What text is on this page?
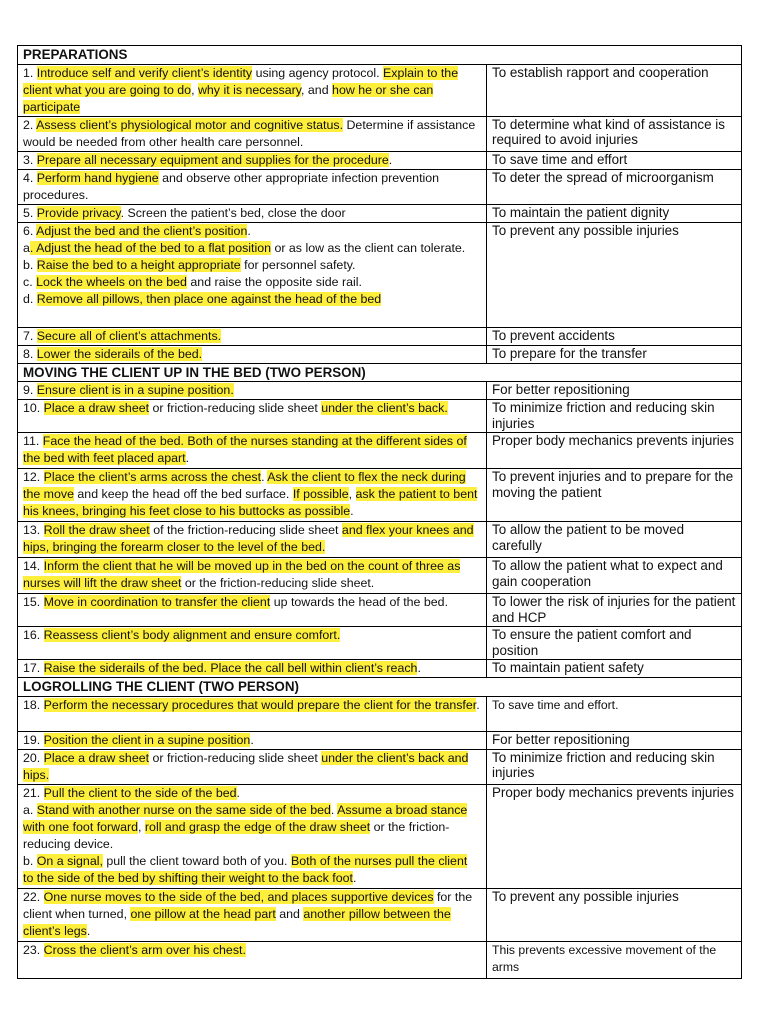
PREPARATIONS	
1. Introduce self and verify client’s identity using agency protocol. Explain to the client what you are going to do, why it is necessary, and how he or she can participate	To establish rapport and cooperation
2. Assess client’s physiological motor and cognitive status. Determine if assistance would be needed from other health care personnel.	To determine what kind of assistance is required to avoid injuries
3. Prepare all necessary equipment and supplies for the procedure.	To save time and effort
4. Perform hand hygiene and observe other appropriate infection prevention procedures.	To deter the spread of microorganism
5. Provide privacy. Screen the patient’s bed, close the door	To maintain the patient dignity

6. Adjust the bed and the client’s position.
a. Adjust the head of the bed to a flat position or as low as the client can tolerate.
b. Raise the bed to a height appropriate for personnel safety.
c. Lock the wheels on the bed and raise the opposite side rail.
d. Remove all pillows, then place one against the head of the bed	To prevent any possible injuries
7. Secure all of client’s attachments.	To prevent accidents
8. Lower the siderails of the bed.	To prepare for the transfer
MOVING THE CLIENT UP IN THE BED (TWO PERSON)	
9. Ensure client is in a supine position.	For better repositioning
10. Place a draw sheet or friction-reducing slide sheet under the client’s back.	To minimize friction and reducing skin injuries
11. Face the head of the bed. Both of the nurses standing at the different sides of the bed with feet placed apart.	Proper body mechanics prevents injuries
12. Place the client’s arms across the chest. Ask the client to flex the neck during the move and keep the head off the bed surface. If possible, ask the patient to bent his knees, bringing his feet close to his buttocks as possible.	To prevent injuries and to prepare for the moving the patient
13. Roll the draw sheet of the friction-reducing slide sheet and flex your knees and hips, bringing the forearm closer to the level of the bed.	To allow the patient to be moved carefully
14. Inform the client that he will be moved up in the bed on the count of three as nurses will lift the draw sheet or the friction-reducing slide sheet.	To allow the patient what to expect and gain cooperation
15. Move in coordination to transfer the client up towards the head of the bed.	To lower the risk of injuries for the patient and HCP
16. Reassess client’s body alignment and ensure comfort.	To ensure the patient comfort and position
17. Raise the siderails of the bed. Place the call bell within client’s reach.	To maintain patient safety
LOGROLLING THE CLIENT (TWO PERSON)	
18. Perform the necessary procedures that would prepare the client for the transfer.	To save time and effort.
19. Position the client in a supine position.	For better repositioning
20. Place a draw sheet or friction-reducing slide sheet under the client’s back and hips.	To minimize friction and reducing skin injuries

21. Pull the client to the side of the bed.
a. Stand with another nurse on the same side of the bed. Assume a broad stance with one foot forward, roll and grasp the edge of the draw sheet or the friction-reducing device.
b. On a signal, pull the client toward both of you. Both of the nurses pull the client to the side of the bed by shifting their weight to the back foot.	Proper body mechanics prevents injuries
22. One nurse moves to the side of the bed, and places supportive devices for the client when turned, one pillow at the head part and another pillow between the client’s legs.	To prevent any possible injuries
23. Cross the client’s arm over his chest.	This prevents excessive movement of the arms
